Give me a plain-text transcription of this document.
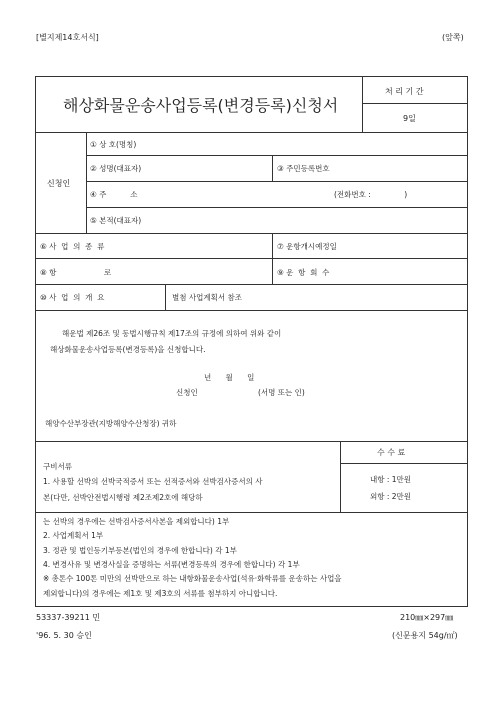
[별지제14호서식]	(앞쪽)
해상화물운송사업등록(변경등록)신청서
처 리 기 간
9일
신청인
① 상 호(명칭)
② 성명(대표자)	③ 주민등록번호
④ 주          소	(전화번호 :              )
⑤ 본적(대표자)
⑥ 사  업  의  종  류	⑦ 운항개시예정일
⑧ 항                    로	⑨ 운  항  회  수
⑩ 사  업  의  개  요	별첨 사업계획서 참조
해운법 제26조 및 동법시행규칙 제17조의 규정에 의하여 위와 같이
해상화물운송사업등록(변경등록)을 신청합니다.
년      월      일
신청인	(서명 또는 인)
해양수산부장관(지방해양수산청장) 귀하
수 수 료
내항 : 1만원
외항 : 2만원
구비서류
1. 사용할 선박의 선박국적증서 또는 선적증서와 선박검사증서의 사
본(다만, 선박안전법시행령 제2조제2호에 해당하
는 선박의 경우에는 선박검사증서사본을 제외합니다) 1부
2. 사업계획서 1부
3. 정관 및 법인등기부등본(법인의 경우에 한합니다) 각 1부
4. 변경사유 및 변경사실을 증명하는 서류(변경등록의 경우에 한합니다) 각 1부
※ 총톤수 100톤 미만의 선박만으로 하는 내항화물운송사업(석유·화학류를 운송하는 사업을
제외합니다)의 경우에는 제1호 및 제3호의 서류를 첨부하지 아니합니다.
53337-39211 민	210㎜×297㎜
'96. 5. 30 승인	(신문용지 54g/㎡)
